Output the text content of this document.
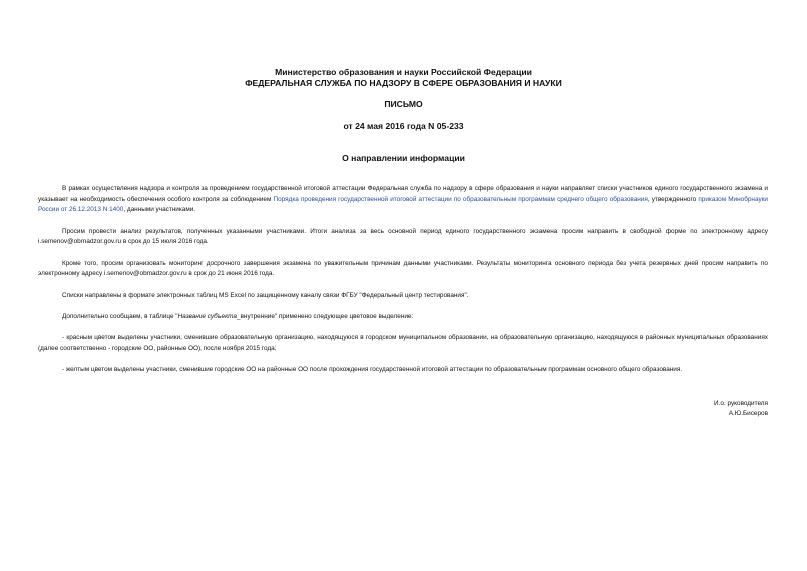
Министерство образования и науки Российской Федерации
ФЕДЕРАЛЬНАЯ СЛУЖБА ПО НАДЗОРУ В СФЕРЕ ОБРАЗОВАНИЯ И НАУКИ
ПИСЬМО
от 24 мая 2016 года N 05-233
О направлении информации

В рамках осуществления надзора и контроля за проведением государственной итоговой аттестации Федеральная служба по надзору в сфере образования и науки направляет списки участников единого государственного экзамена и указывает на необходимость обеспечения особого контроля за соблюдением Порядка проведения государственной итоговой аттестации по образовательным программам среднего общего образования, утвержденного приказом Минобрнауки России от 26.12.2013 N 1400, данными участниками.

Просим провести анализ результатов, полученных указанными участниками. Итоги анализа за весь основной период единого государственного экзамена просим направить в свободной форме по электронному адресу i.semenov@obrnadzor.gov.ru в срок до 15 июля 2016 года.

Кроме того, просим организовать мониторинг досрочного завершения экзамена по уважительным причинам данными участниками. Результаты мониторинга основного периода без учета резервных дней просим направить по электронному адресу i.semenov@obmadzor.gov.ru в срок до 21 июня 2016 года.

Списки направлены в формате электронных таблиц MS Excel по защищенному каналу связи ФГБУ "Федеральный центр тестирования".

Дополнительно сообщаем, в таблице "Название субъекта_внутренние" применено следующее цветовое выделение:

- красным цветом выделены участники, сменившие образовательную организацию, находящуюся в городском муниципальном образовании, на образовательную организацию, находящуюся в районных муниципальных образованиях (далее соответственно - городские ОО, районные ОО), после ноября 2015 года;

- желтым цветом выделены участники, сменившие городские ОО на районные ОО после прохождения государственной итоговой аттестации по образовательным программам основного общего образования.

И.о. руководителя
А.Ю.Бисеров
